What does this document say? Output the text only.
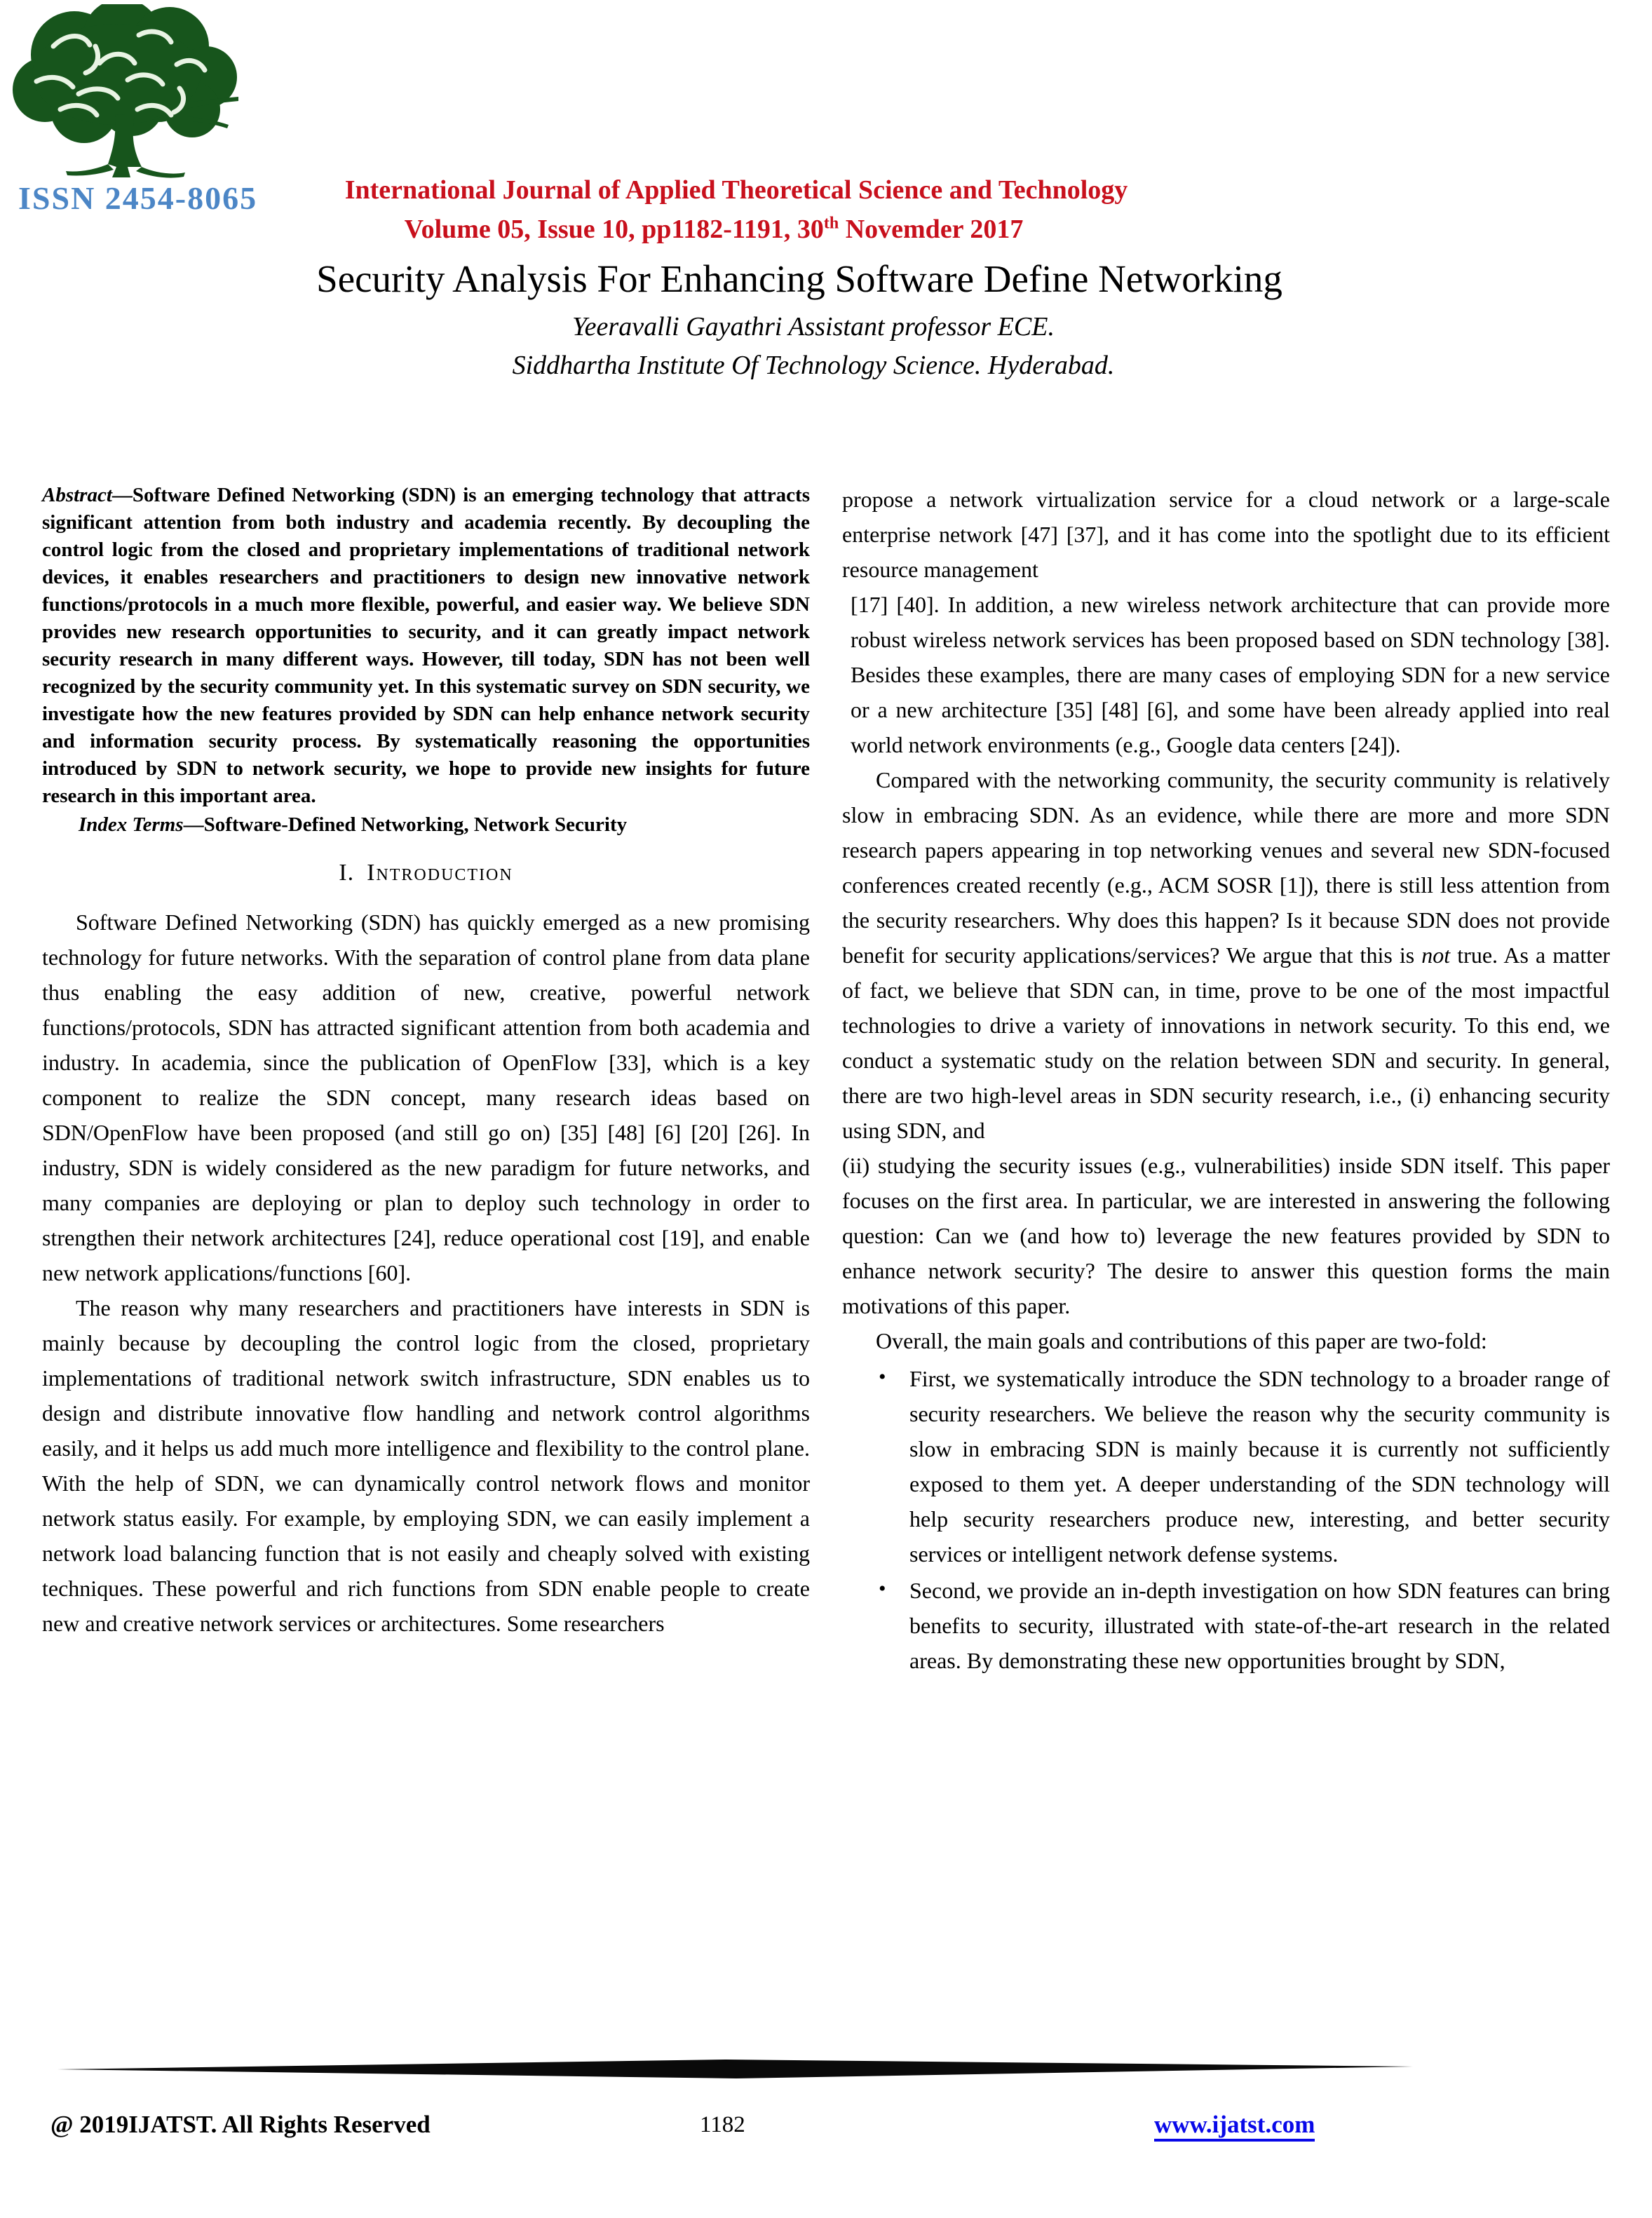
ISSN 2454-8065	International Journal of Applied Theoretical Science and Technology
Volume 05, Issue 10, pp1182-1191, 30th Novemder 2017
Security Analysis For Enhancing Software Define Networking
Yeeravalli Gayathri Assistant professor ECE.
Siddhartha Institute Of Technology Science. Hyderabad.

Abstract—Software Defined Networking (SDN) is an emerging technology that attracts significant attention from both industry and academia recently. By decoupling the control logic from the closed and proprietary implementations of traditional network devices, it enables researchers and practitioners to design new innovative network functions/protocols in a much more flexible, powerful, and easier way. We believe SDN provides new research opportunities to security, and it can greatly impact network security research in many different ways. However, till today, SDN has not been well recognized by the security community yet. In this systematic survey on SDN security, we investigate how the new features provided by SDN can help enhance network security and information security process. By systematically reasoning the opportunities introduced by SDN to network security, we hope to provide new insights for future research in this important area.

Index Terms—Software-Defined Networking, Network Security

I. Introduction

Software Defined Networking (SDN) has quickly emerged as a new promising technology for future networks. With the separation of control plane from data plane thus enabling the easy addition of new, creative, powerful network functions/protocols, SDN has attracted significant attention from both academia and industry. In academia, since the publication of OpenFlow [33], which is a key component to realize the SDN concept, many research ideas based on SDN/OpenFlow have been proposed (and still go on) [35] [48] [6] [20] [26]. In industry, SDN is widely considered as the new paradigm for future networks, and many companies are deploying or plan to deploy such technology in order to strengthen their network architectures [24], reduce operational cost [19], and enable new network applications/functions [60].

The reason why many researchers and practitioners have interests in SDN is mainly because by decoupling the control logic from the closed, proprietary implementations of traditional network switch infrastructure, SDN enables us to design and distribute innovative flow handling and network control algorithms easily, and it helps us add much more intelligence and flexibility to the control plane. With the help of SDN, we can dynamically control network flows and monitor network status easily. For example, by employing SDN, we can easily implement a network load balancing function that is not easily and cheaply solved with existing techniques. These powerful and rich functions from SDN enable people to create new and creative network services or architectures. Some researchers

propose a network virtualization service for a cloud network or a large-scale enterprise network [47] [37], and it has come into the spotlight due to its efficient resource management

[17] [40]. In addition, a new wireless network architecture that can provide more robust wireless network services has been proposed based on SDN technology [38]. Besides these examples, there are many cases of employing SDN for a new service or a new architecture [35] [48] [6], and some have been already applied into real world network environments (e.g., Google data centers [24]).

Compared with the networking community, the security community is relatively slow in embracing SDN. As an evidence, while there are more and more SDN research papers appearing in top networking venues and several new SDN-focused conferences created recently (e.g., ACM SOSR [1]), there is still less attention from the security researchers. Why does this happen? Is it because SDN does not provide benefit for security applications/services? We argue that this is not true. As a matter of fact, we believe that SDN can, in time, prove to be one of the most impactful technologies to drive a variety of innovations in network security. To this end, we conduct a systematic study on the relation between SDN and security. In general, there are two high-level areas in SDN security research, i.e., (i) enhancing security using SDN, and

(ii) studying the security issues (e.g., vulnerabilities) inside SDN itself. This paper focuses on the first area. In particular, we are interested in answering the following question: Can we (and how to) leverage the new features provided by SDN to enhance network security? The desire to answer this question forms the main motivations of this paper.

Overall, the main goals and contributions of this paper are two-fold:

• First, we systematically introduce the SDN technology to a broader range of security researchers. We believe the reason why the security community is slow in embracing SDN is mainly because it is currently not sufficiently exposed to them yet. A deeper understanding of the SDN technology will help security researchers produce new, interesting, and better security services or intelligent network defense systems.
• Second, we provide an in-depth investigation on how SDN features can bring benefits to security, illustrated with state-of-the-art research in the related areas. By demonstrating these new opportunities brought by SDN,
@ 2019IJATST. All Rights Reserved	1182	www.ijatst.com
